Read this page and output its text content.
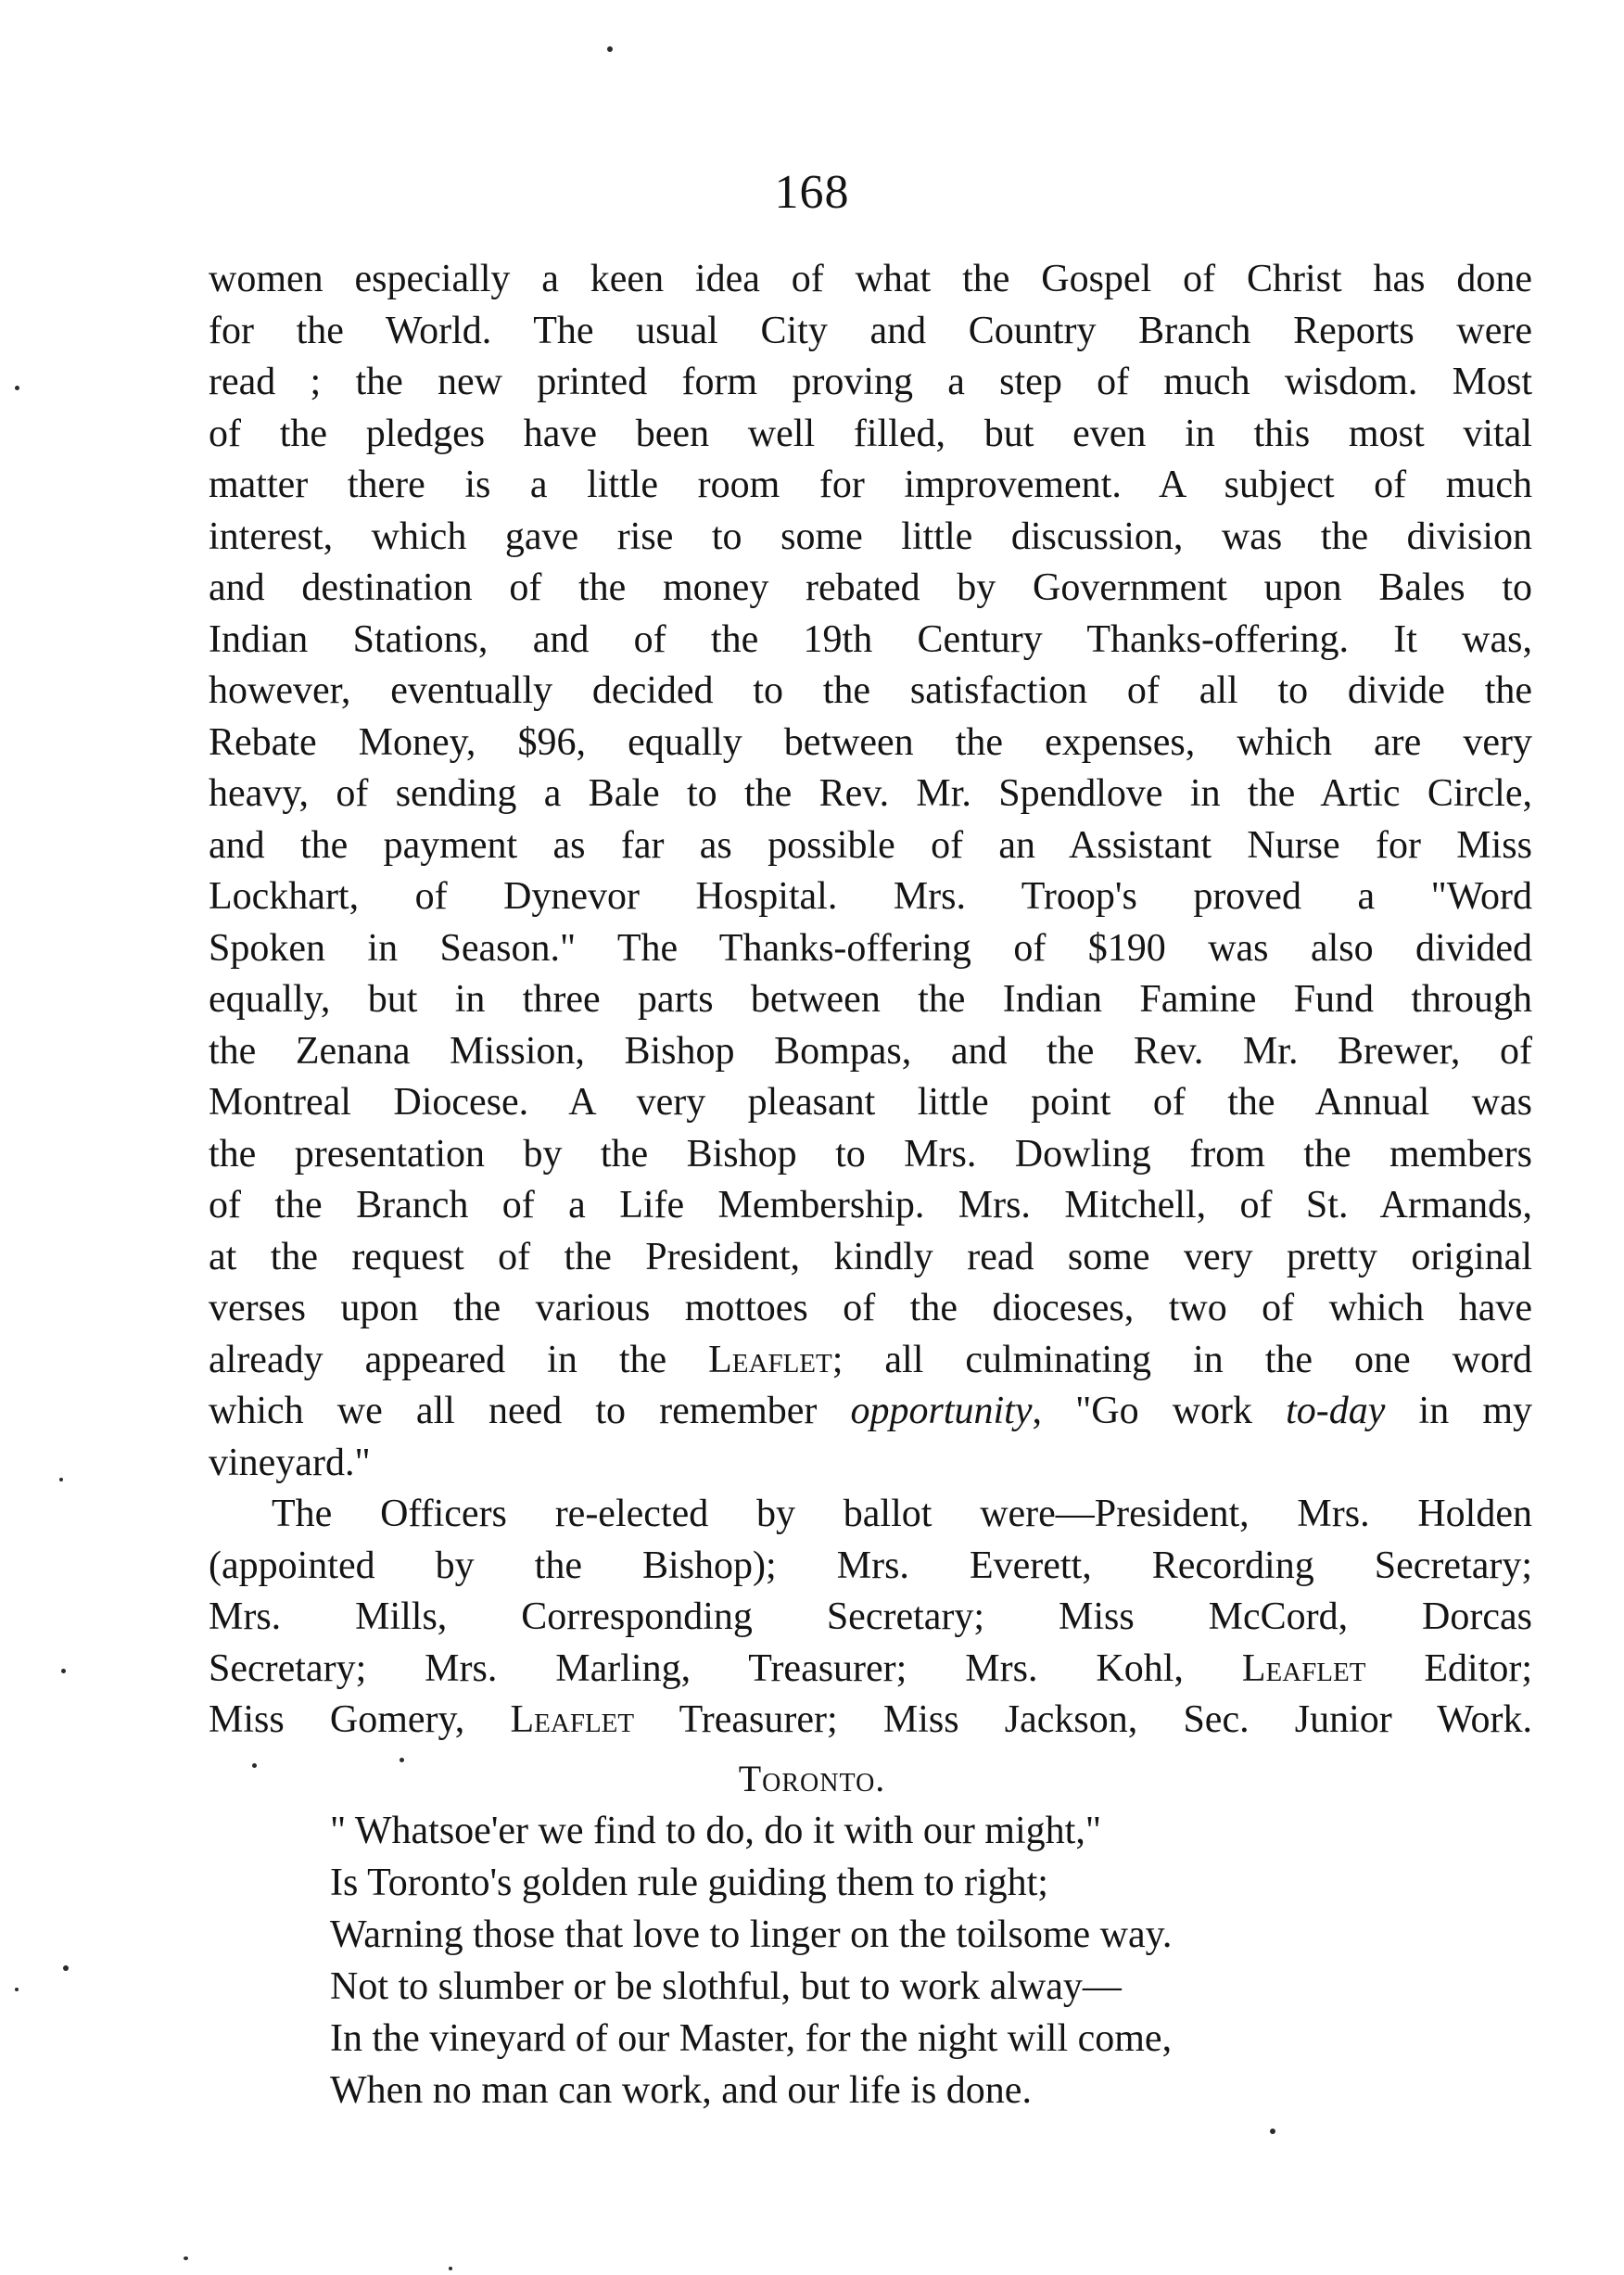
168
women especially a keen idea of what the Gospel of Christ has done
for the World. The usual City and Country Branch Reports were
read ; the new printed form proving a step of much wisdom. Most
of the pledges have been well filled, but even in this most vital
matter there is a little room for improvement. A subject of much
interest, which gave rise to some little discussion, was the division
and destination of the money rebated by Government upon Bales to
Indian Stations, and of the 19th Century Thanks-offering. It was,
however, eventually decided to the satisfaction of all to divide the
Rebate Money, $96, equally between the expenses, which are very
heavy, of sending a Bale to the Rev. Mr. Spendlove in the Artic Circle,
and the payment as far as possible of an Assistant Nurse for Miss
Lockhart, of Dynevor Hospital. Mrs. Troop's proved a "Word
Spoken in Season." The Thanks-offering of $190 was also divided
equally, but in three parts between the Indian Famine Fund through
the Zenana Mission, Bishop Bompas, and the Rev. Mr. Brewer, of
Montreal Diocese. A very pleasant little point of the Annual was
the presentation by the Bishop to Mrs. Dowling from the members
of the Branch of a Life Membership. Mrs. Mitchell, of St. Armands,
at the request of the President, kindly read some very pretty original
verses upon the various mottoes of the dioceses, two of which have
already appeared in the Leaflet; all culminating in the one word
which we all need to remember opportunity, "Go work to-day in my
vineyard."
The Officers re-elected by ballot were—President, Mrs. Holden
(appointed by the Bishop); Mrs. Everett, Recording Secretary;
Mrs. Mills, Corresponding Secretary; Miss McCord, Dorcas
Secretary; Mrs. Marling, Treasurer; Mrs. Kohl, Leaflet Editor;
Miss Gomery, Leaflet Treasurer; Miss Jackson, Sec. Junior Work.
Toronto.
" Whatsoe'er we find to do, do it with our might,"
Is Toronto's golden rule guiding them to right;
Warning those that love to linger on the toilsome way.
Not to slumber or be slothful, but to work alway—
In the vineyard of our Master, for the night will come,
When no man can work, and our life is done.
